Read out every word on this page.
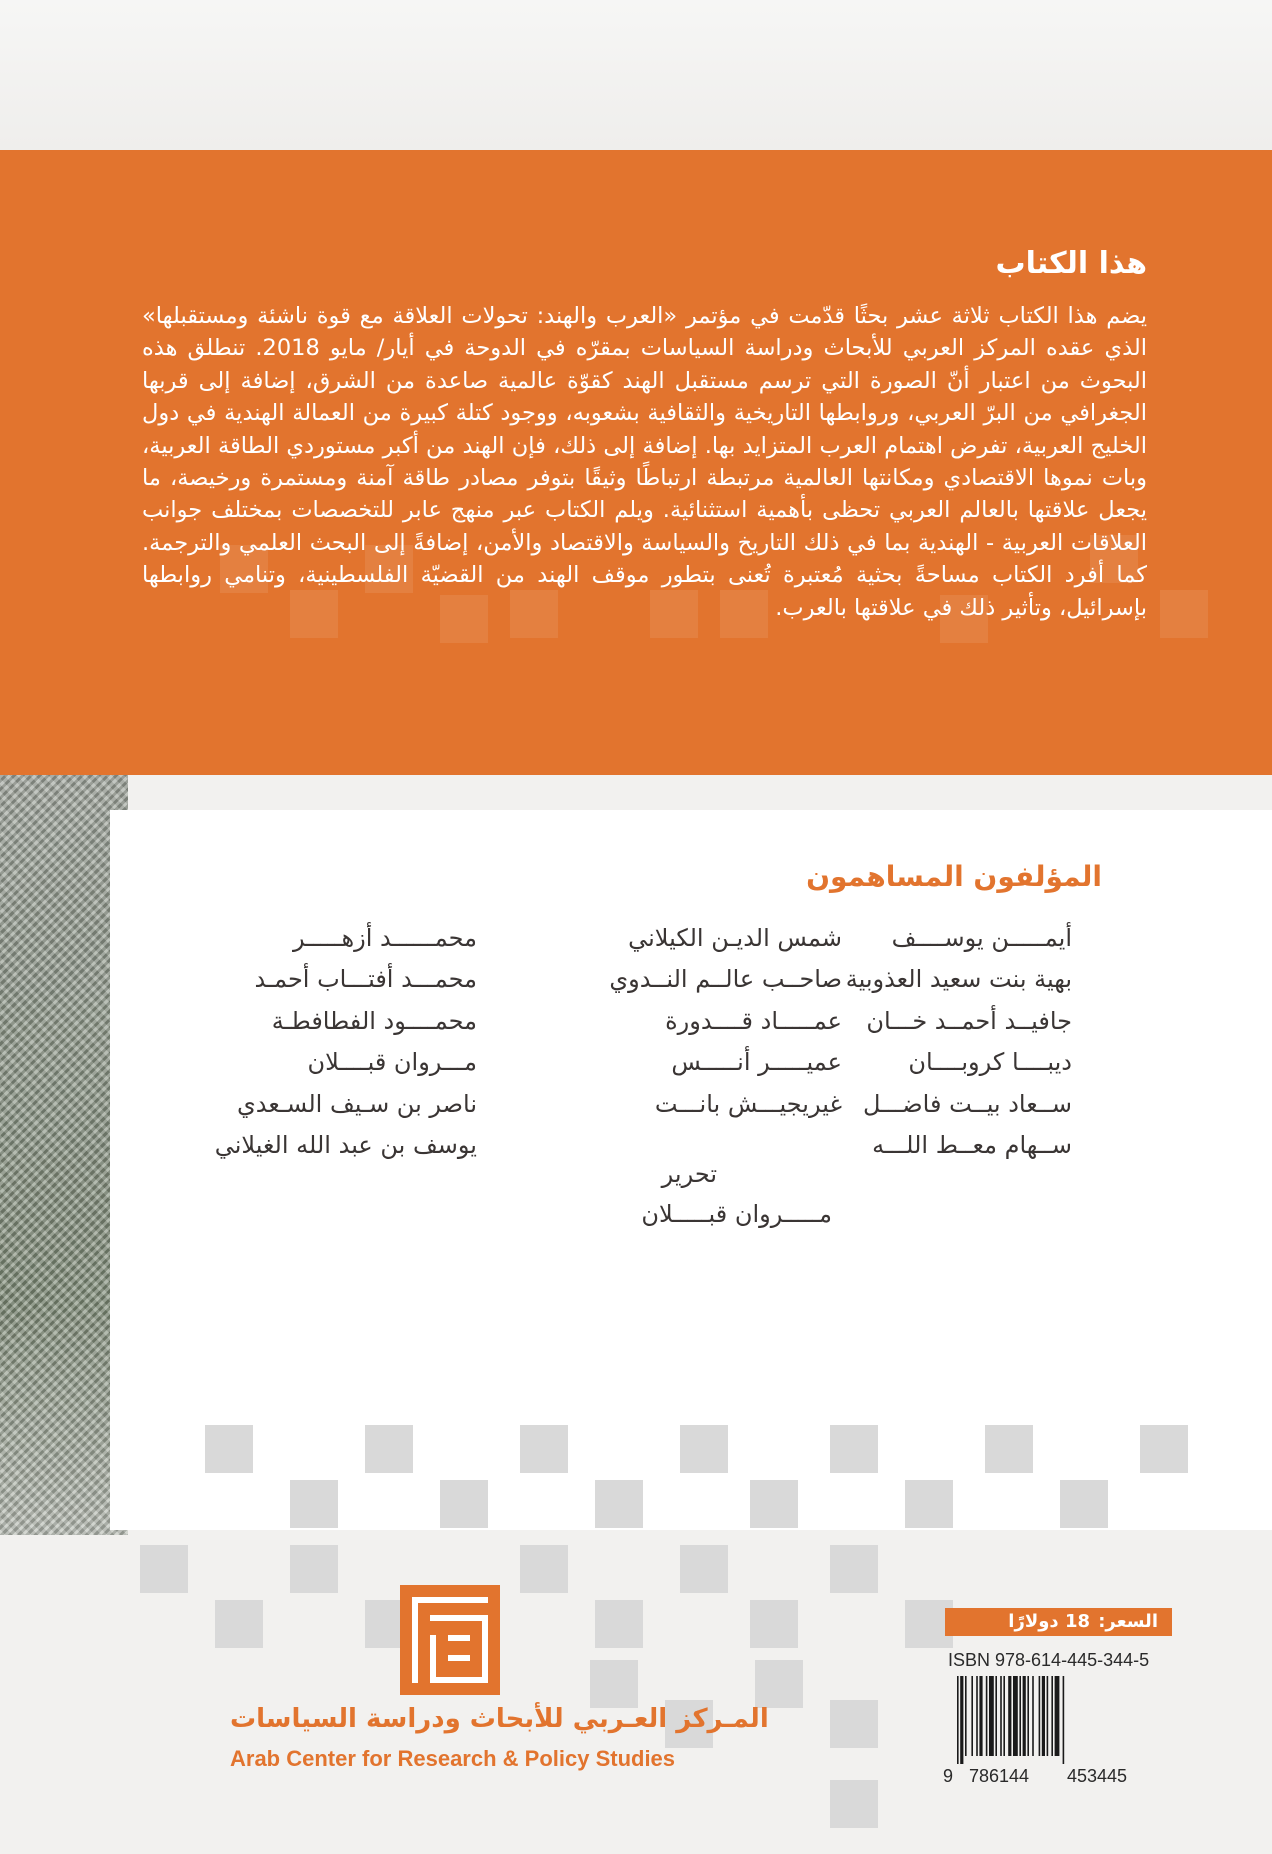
هذا الكتاب
يضم هذا الكتاب ثلاثة عشر بحثًا قدّمت في مؤتمر «العرب والهند: تحولات العلاقة مع قوة ناشئة ومستقبلها» الذي عقده المركز العربي للأبحاث ودراسة السياسات بمقرّه في الدوحة في أيار/ مايو 2018. تنطلق هذه البحوث من اعتبار أنّ الصورة التي ترسم مستقبل الهند كقوّة عالمية صاعدة من الشرق، إضافة إلى قربها الجغرافي من البرّ العربي، وروابطها التاريخية والثقافية بشعوبه، ووجود كتلة كبيرة من العمالة الهندية في دول الخليج العربية، تفرض اهتمام العرب المتزايد بها. إضافة إلى ذلك، فإن الهند من أكبر مستوردي الطاقة العربية، وبات نموها الاقتصادي ومكانتها العالمية مرتبطة ارتباطًا وثيقًا بتوفر مصادر طاقة آمنة ومستمرة ورخيصة، ما يجعل علاقتها بالعالم العربي تحظى بأهمية استثنائية. ويلم الكتاب عبر منهج عابر للتخصصات بمختلف جوانب العلاقات العربية - الهندية بما في ذلك التاريخ والسياسة والاقتصاد والأمن، إضافةً إلى البحث العلمي والترجمة. كما أفرد الكتاب مساحةً بحثية مُعتبرة تُعنى بتطور موقف الهند من القضيّة الفلسطينية، وتنامي روابطها بإسرائيل، وتأثير ذلك في علاقتها بالعرب.
المؤلفون المساهمون
أيمـــــن يوســــف
بهية بنت سعيد العذوبية
جافيــد أحمــد خـــان
ديبــــا كروبــــان
ســعاد بيــت فاضـــل
ســهام معــط اللـــه
شمس الديـن الكيلاني
صاحــب عالــم النــدوي
عمـــــاد قــــدورة
عميـــــر أنـــــس
غيريجيـــش بانـــت
محمــــــد أزهـــــر
محمـــد أفتـــاب أحمـد
محمــــود الفطافطـة
مـــروان قبــــلان
ناصر بن سـيف السـعدي
يوسف بن عبد الله الغيلاني
تحرير
مـــــروان قبـــــلان
المـركز العـربي للأبحاث ودراسة السياسات
Arab Center for Research & Policy Studies
السعر:
18 دولارًا
ISBN 978-614-445-344-5
9 786144 453445
